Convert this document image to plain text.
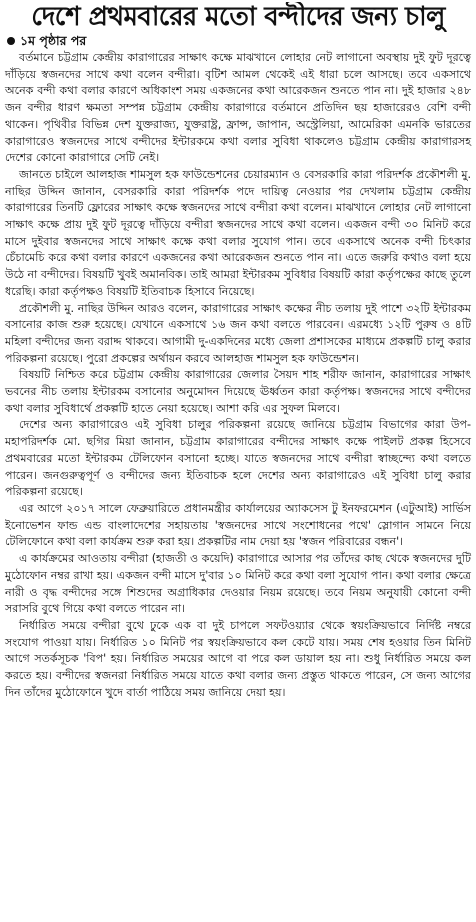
দেশে প্রথমবারের মতো বন্দীদের জন্য চালু
১ম পৃষ্ঠার পর

বর্তমানে চট্টগ্রাম কেন্দ্রীয় কারাগারের সাক্ষাৎ কক্ষে মাঝখানে লোহার নেট লাগানো অবস্থায় দুই ফুট দূরত্বে দাঁড়িয়ে স্বজনদের সাথে কথা বলেন বন্দীরা। বৃটিশ আমল থেকেই এই ধারা চলে আসছে। তবে একসাথে অনেক বন্দী কথা বলার কারণে অধিকাংশ সময় একজনের কথা আরেকজন শুনতে পান না। দুই হাজার ২৪৮ জন বন্দীর ধারণ ক্ষমতা সম্পন্ন চট্টগ্রাম কেন্দ্রীয় কারাগারে বর্তমানে প্রতিদিন ছয় হাজারেরও বেশি বন্দী থাকেন। পৃথিবীর বিভিন্ন দেশ যুক্তরাজ্য, যুক্তরাষ্ট্র, ফ্রান্স, জাপান, অস্ট্রেলিয়া, আমেরিকা এমনকি ভারতের কারাগারেও স্বজনদের সাথে বন্দীদের ইন্টারকমে কথা বলার সুবিধা থাকলেও চট্টগ্রাম কেন্দ্রীয় কারাগারসহ দেশের কোনো কারাগারে সেটি নেই।

জানতে চাইলে আলহাজ শামসুল হক ফাউন্ডেশনের চেয়ারম্যান ও বেসরকারি কারা পরিদর্শক প্রকৌশলী মু. নাছির উদ্দিন জানান, বেসরকারি কারা পরিদর্শক পদে দায়িত্ব নেওয়ার পর দেখলাম চট্টগ্রাম কেন্দ্রীয় কারাগারের তিনটি ফ্লোরের সাক্ষাৎ কক্ষে স্বজনদের সাথে বন্দীরা কথা বলেন। মাঝখানে লোহার নেট লাগানো সাক্ষাৎ কক্ষে প্রায় দুই ফুট দূরত্বে দাঁড়িয়ে বন্দীরা স্বজনদের সাথে কথা বলেন। একজন বন্দী ৩০ মিনিট করে মাসে দুইবার স্বজনদের সাথে সাক্ষাৎ কক্ষে কথা বলার সুযোগ পান। তবে একসাথে অনেক বন্দী চিৎকার চেঁচামেচি করে কথা বলার কারণে একজনের কথা আরেকজন শুনতে পান না। এতে জরুরি কথাও বলা হয়ে উঠে না বন্দীদের। বিষয়টি খুবই অমানবিক। তাই আমরা ইন্টারকম সুবিধার বিষয়টি কারা কর্তৃপক্ষের কাছে তুলে ধরেছি। কারা কর্তৃপক্ষও বিষয়টি ইতিবাচক হিসাবে নিয়েছে।

প্রকৌশলী মু. নাছির উদ্দিন আরও বলেন, কারাগারের সাক্ষাৎ কক্ষের নীচ তলায় দুই পাশে ৩২টি ইন্টারকম বসানোর কাজ শুরু হয়েছে। যেখানে একসাথে ১৬ জন কথা বলতে পারবেন। এরমধ্যে ১২টি পুরুষ ও ৪টি মহিলা বন্দীদের জন্য বরাদ্দ থাকবে। আগামী দু-একদিনের মধ্যে জেলা প্রশাসকের মাধ্যমে প্রকল্পটি চালু করার পরিকল্পনা রয়েছে। পুরো প্রকল্পের অর্থায়ন করবে আলহাজ শামসুল হক ফাউন্ডেশন।

বিষয়টি নিশ্চিত করে চট্টগ্রাম কেন্দ্রীয় কারাগারের জেলার সৈয়দ শাহ শরীফ জানান, কারাগারের সাক্ষাৎ ভবনের নীচ তলায় ইন্টারকম বসানোর অনুমোদন দিয়েছে ঊর্ধ্বতন কারা কর্তৃপক্ষ। স্বজনদের সাথে বন্দীদের কথা বলার সুবিধার্থে প্রকল্পটি হাতে নেয়া হয়েছে। আশা করি এর সুফল মিলবে।

দেশের অন্য কারাগারেও এই সুবিধা চালুর পরিকল্পনা রয়েছে জানিয়ে চট্টগ্রাম বিভাগের কারা উপ-মহাপরিদর্শক মো. ছগির মিয়া জানান, চট্টগ্রাম কারাগারের বন্দীদের সাক্ষাৎ কক্ষে পাইলট প্রকল্প হিসেবে প্রথমবারের মতো ইন্টারকম টেলিফোন বসানো হচ্ছে। যাতে স্বজনদের সাথে বন্দীরা স্বাচ্ছন্দ্যে কথা বলতে পারেন। জনগুরুত্বপূর্ণ ও বন্দীদের জন্য ইতিবাচক হলে দেশের অন্য কারাগারেও এই সুবিধা চালু করার পরিকল্পনা রয়েছে।

এর আগে ২০১৭ সালে ফেব্রুয়ারিতে প্রধানমন্ত্রীর কার্যালয়ের অ্যাকসেস টু ইনফরমেশন (এটুআই) সার্ভিস ইনোভেশন ফান্ড এন্ড বাংলাদেশের সহায়তায় 'স্বজনদের সাথে সংশোধনের পথে' স্লোগান সামনে নিয়ে টেলিফোনে কথা বলা কার্যক্রম শুরু করা হয়। প্রকল্পটির নাম দেয়া হয় 'স্বজন পরিবারের বন্ধন'।

এ কার্যক্রমের আওতায় বন্দীরা (হাজতী ও কয়েদি) কারাগারে আসার পর তাঁদের কাছ থেকে স্বজনদের দুটি মুঠোফোন নম্বর রাখা হয়। একজন বন্দী মাসে দু'বার ১০ মিনিট করে কথা বলা সুযোগ পান। কথা বলার ক্ষেত্রে নারী ও বৃদ্ধ বন্দীদের সঙ্গে শিশুদের অগ্রাধিকার দেওয়ার নিয়ম রয়েছে। তবে নিয়ম অনুযায়ী কোনো বন্দী সরাসরি বুথে গিয়ে কথা বলতে পারেন না।

নির্ধারিত সময়ে বন্দীরা বুথে ঢুকে এক বা দুই চাপলে সফটওয়্যার থেকে স্বয়ংক্রিয়ভাবে নির্দিষ্ট নম্বরে সংযোগ পাওয়া যায়। নির্ধারিত ১০ মিনিট পর স্বয়ংক্রিয়ভাবে কল কেটে যায়। সময় শেষ হওয়ার তিন মিনিট আগে সতর্কসূচক 'বিপ' হয়। নির্ধারিত সময়ের আগে বা পরে কল ডায়াল হয় না। শুধু নির্ধারিত সময়ে কল করতে হয়। বন্দীদের স্বজনরা নির্ধারিত সময়ে যাতে কথা বলার জন্য প্রস্তুত থাকতে পারেন, সে জন্য আগের দিন তাঁদের মুঠোফোনে খুদে বার্তা পাঠিয়ে সময় জানিয়ে দেয়া হয়।
